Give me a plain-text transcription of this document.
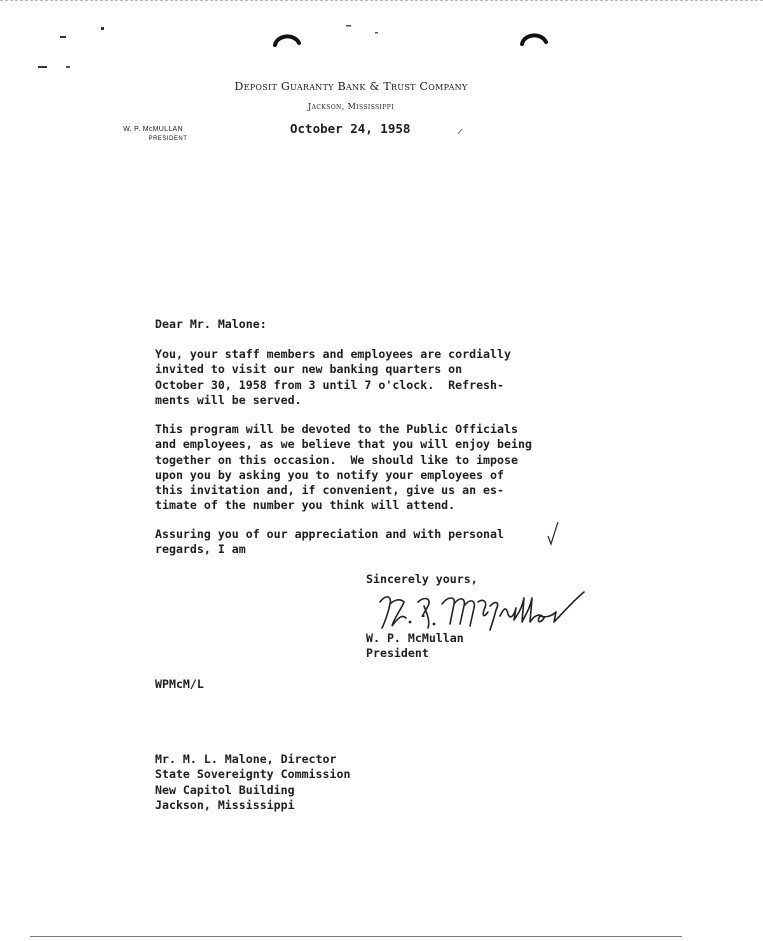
Deposit Guaranty Bank & Trust Company
Jackson, Mississippi
W. P. McMULLAN
PRESIDENT
October 24, 1958
Dear Mr. Malone:
You, your staff members and employees are cordially
invited to visit our new banking quarters on
October 30, 1958 from 3 until 7 o'clock.  Refresh-
ments will be served.
This program will be devoted to the Public Officials
and employees, as we believe that you will enjoy being
together on this occasion.  We should like to impose
upon you by asking you to notify your employees of
this invitation and, if convenient, give us an es-
timate of the number you think will attend.
Assuring you of our appreciation and with personal
regards, I am
Sincerely yours,
W. P. McMullan
President
WPMcM/L
Mr. M. L. Malone, Director
State Sovereignty Commission
New Capitol Building
Jackson, Mississippi
